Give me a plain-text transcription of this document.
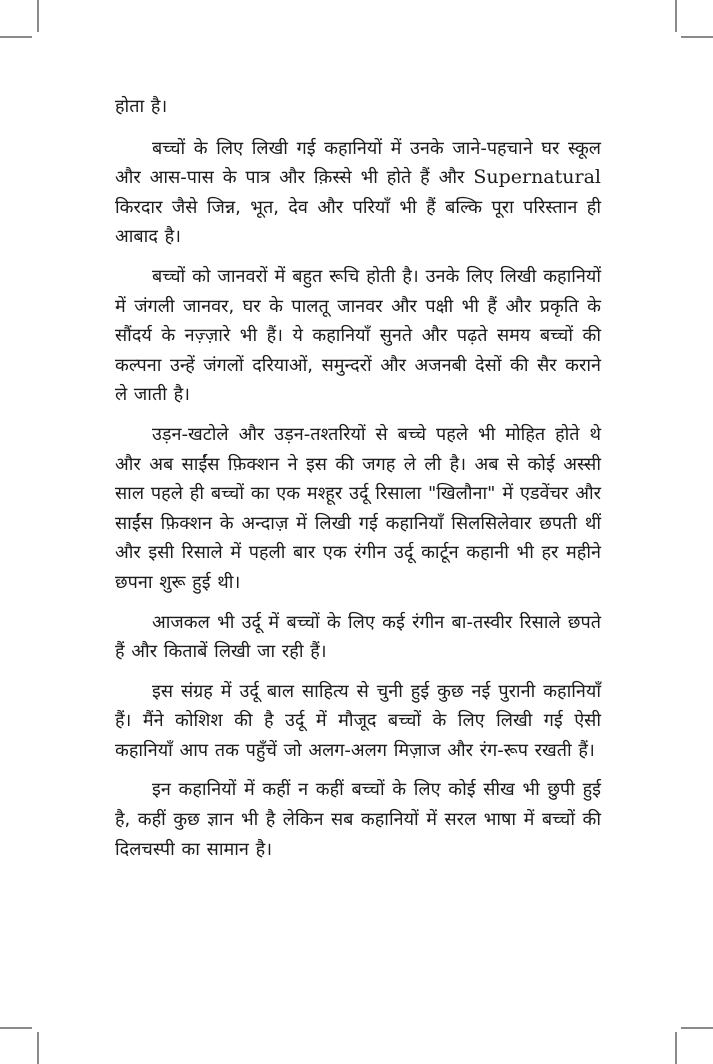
होता है।

बच्चों के लिए लिखी गई कहानियों में उनके जाने-पहचाने घर स्कूल और आस-पास के पात्र और क़िस्से भी होते हैं और Supernatural किरदार जैसे जिन्न, भूत, देव और परियाँ भी हैं बल्कि पूरा परिस्तान ही आबाद है।

बच्चों को जानवरों में बहुत रूचि होती है। उनके लिए लिखी कहानियों में जंगली जानवर, घर के पालतू जानवर और पक्षी भी हैं और प्रकृति के सौंदर्य के नज़्ज़ारे भी हैं। ये कहानियाँ सुनते और पढ़ते समय बच्चों की कल्पना उन्हें जंगलों दरियाओं, समुन्दरों और अजनबी देसों की सैर कराने ले जाती है।

उड़न-खटोले और उड़न-तश्तरियों से बच्चे पहले भी मोहित होते थे और अब साईंस फ़िक्शन ने इस की जगह ले ली है। अब से कोई अस्सी साल पहले ही बच्चों का एक मश्हूर उर्दू रिसाला "खिलौना" में एडवेंचर और साईंस फ़िक्शन के अन्दाज़ में लिखी गई कहानियाँ सिलसिलेवार छपती थीं और इसी रिसाले में पहली बार एक रंगीन उर्दू कार्टून कहानी भी हर महीने छपना शुरू हुई थी।

आजकल भी उर्दू में बच्चों के लिए कई रंगीन बा-तस्वीर रिसाले छपते हैं और किताबें लिखी जा रही हैं।

इस संग्रह में उर्दू बाल साहित्य से चुनी हुई कुछ नई पुरानी कहानियाँ हैं। मैंने कोशिश की है उर्दू में मौजूद बच्चों के लिए लिखी गई ऐसी कहानियाँ आप तक पहुँचें जो अलग-अलग मिज़ाज और रंग-रूप रखती हैं।

इन कहानियों में कहीं न कहीं बच्चों के लिए कोई सीख भी छुपी हुई है, कहीं कुछ ज्ञान भी है लेकिन सब कहानियों में सरल भाषा में बच्चों की दिलचस्पी का सामान है।
